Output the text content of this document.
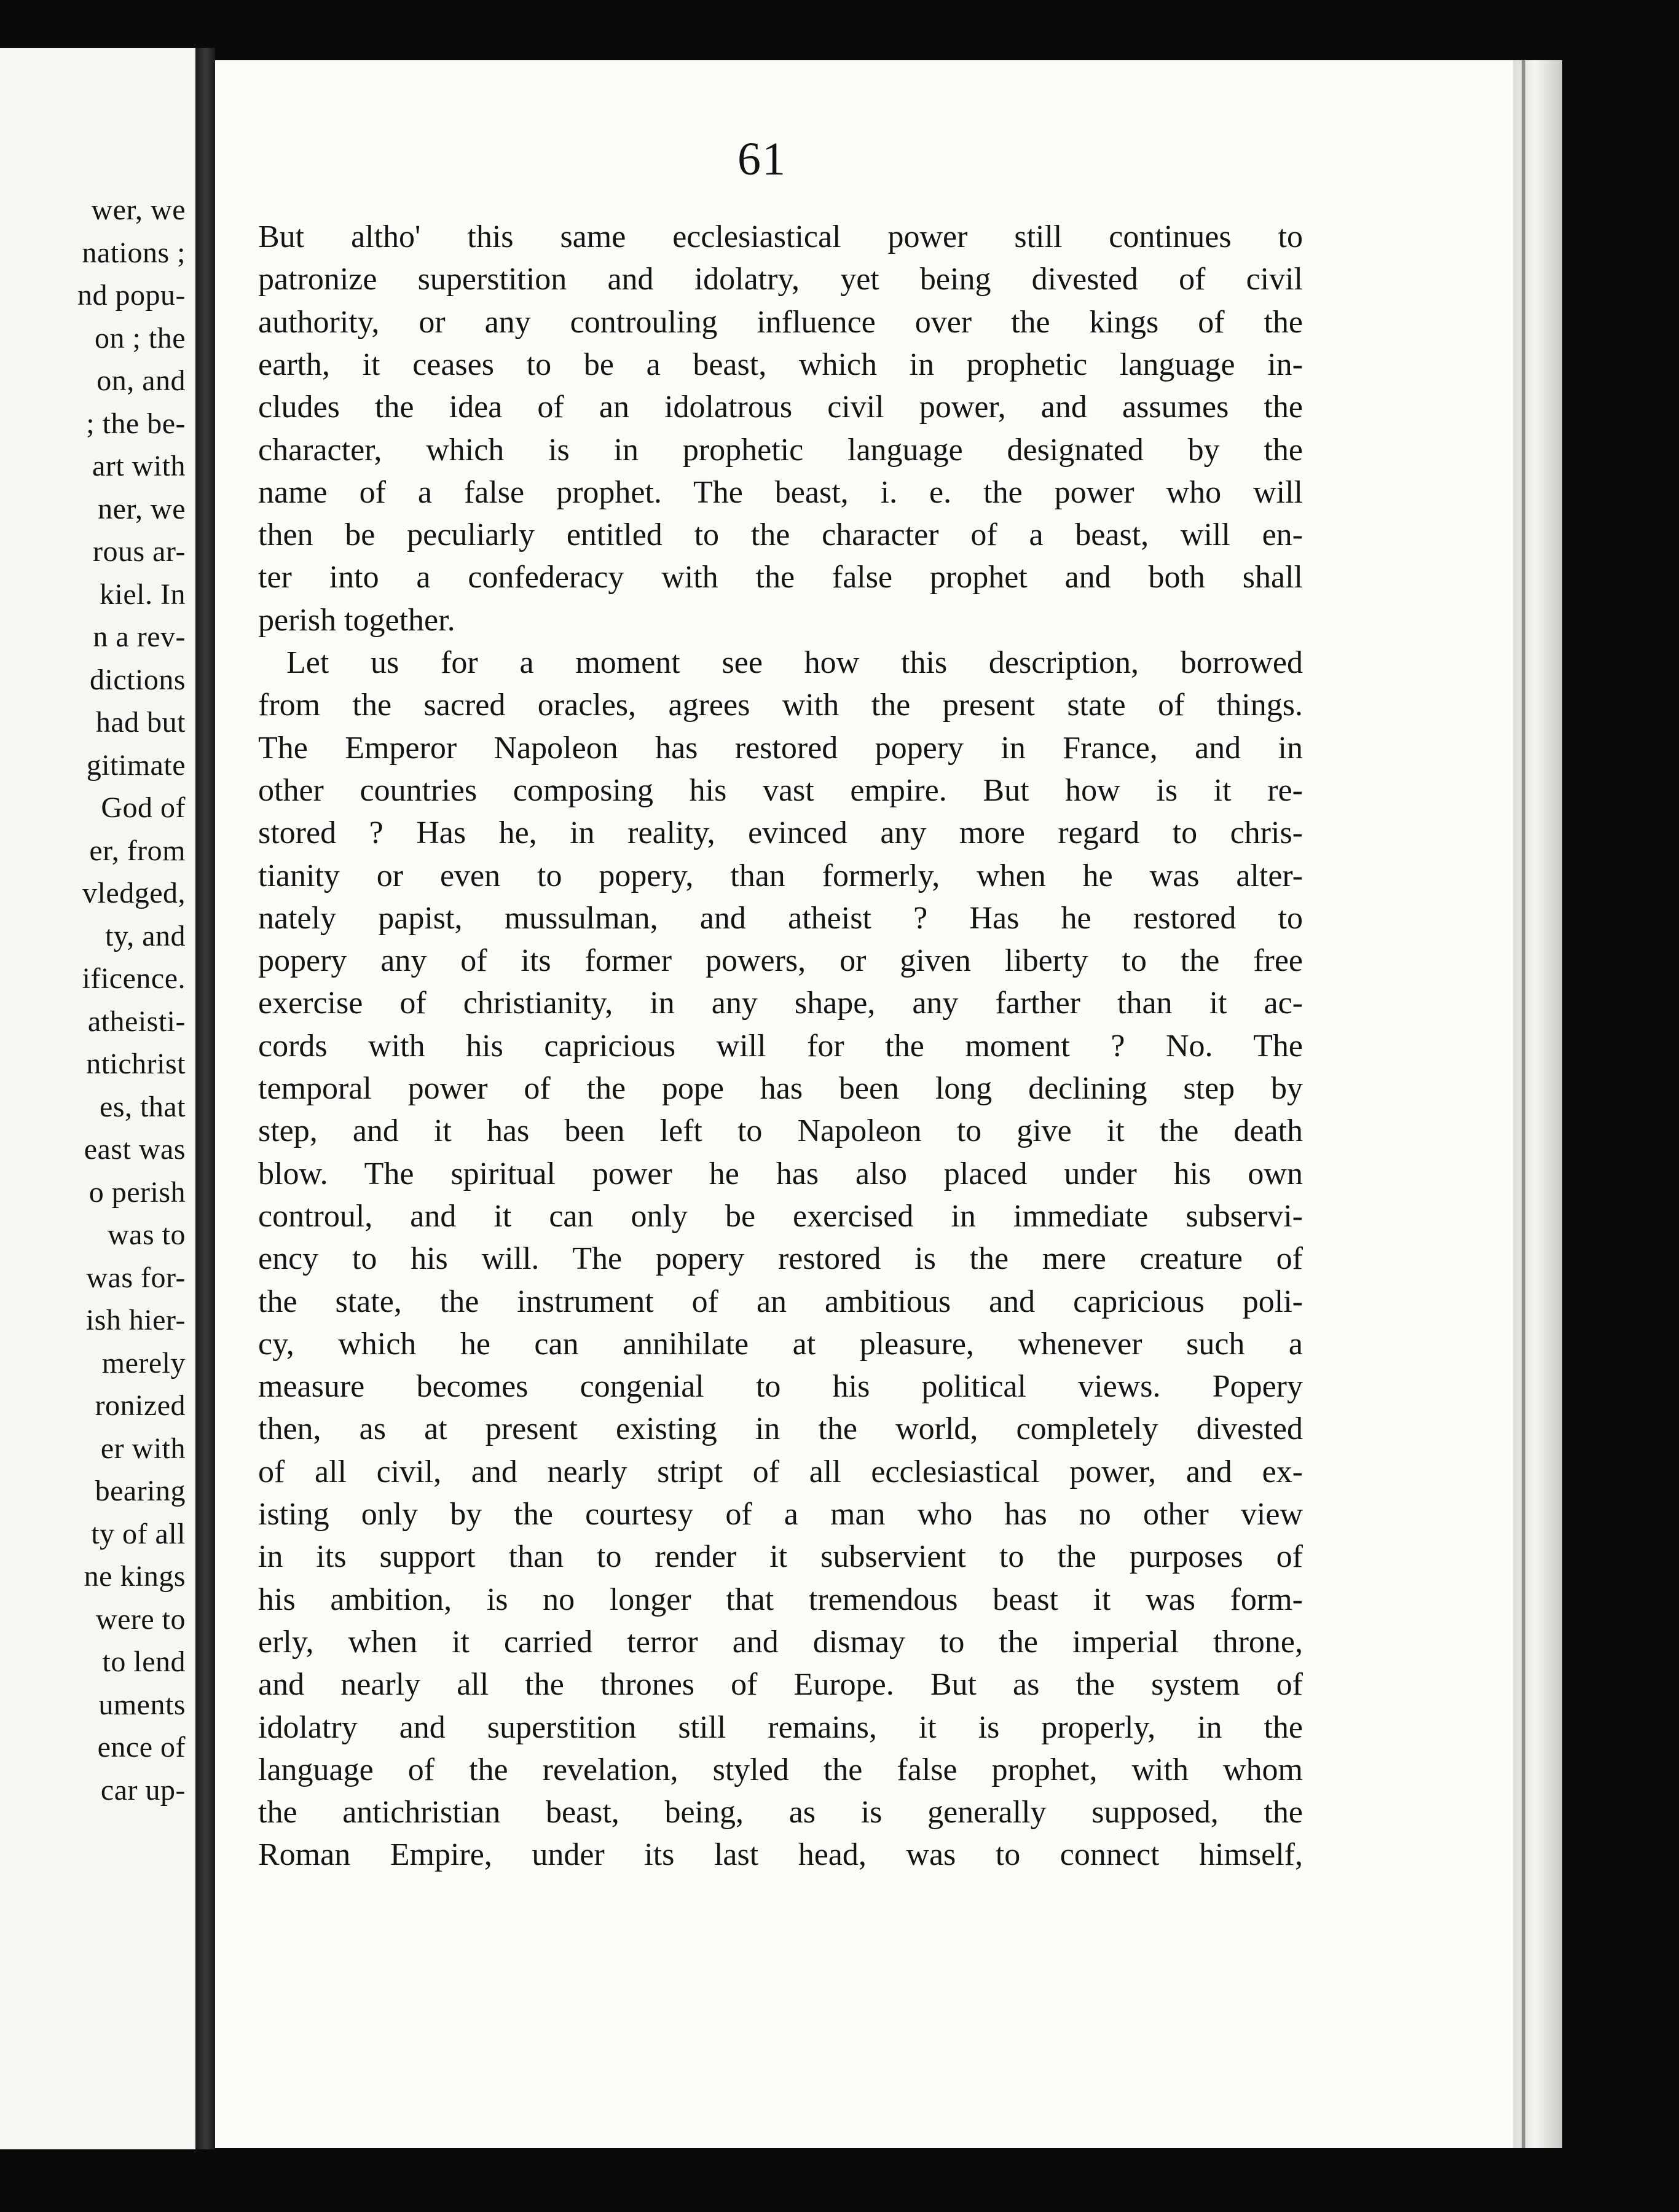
wer, we
nations ;
nd popu-
on ; the
on, and
; the be-
art with
ner, we
rous ar-
kiel. In
n a rev-
dictions
had but
gitimate
God of
er, from
vledged,
ty, and
ificence.
atheisti-
ntichrist
es, that
east was
o perish
was to
was for-
ish hier-
merely
ronized
er with
bearing
ty of all
ne kings
were to
to lend
uments
ence of
car up-
61
But altho' this same ecclesiastical power still continues to
patronize superstition and idolatry, yet being divested of civil
authority, or any controuling influence over the kings of the
earth, it ceases to be a beast, which in prophetic language in-
cludes the idea of an idolatrous civil power, and assumes the
character, which is in prophetic language designated by the
name of a false prophet. The beast, i. e. the power who will
then be peculiarly entitled to the character of a beast, will en-
ter into a confederacy with the false prophet and both shall
perish together.
Let us for a moment see how this description, borrowed
from the sacred oracles, agrees with the present state of things.
The Emperor Napoleon has restored popery in France, and in
other countries composing his vast empire. But how is it re-
stored ? Has he, in reality, evinced any more regard to chris-
tianity or even to popery, than formerly, when he was alter-
nately papist, mussulman, and atheist ? Has he restored to
popery any of its former powers, or given liberty to the free
exercise of christianity, in any shape, any farther than it ac-
cords with his capricious will for the moment ? No. The
temporal power of the pope has been long declining step by
step, and it has been left to Napoleon to give it the death
blow. The spiritual power he has also placed under his own
controul, and it can only be exercised in immediate subservi-
ency to his will. The popery restored is the mere creature of
the state, the instrument of an ambitious and capricious poli-
cy, which he can annihilate at pleasure, whenever such a
measure becomes congenial to his political views. Popery
then, as at present existing in the world, completely divested
of all civil, and nearly stript of all ecclesiastical power, and ex-
isting only by the courtesy of a man who has no other view
in its support than to render it subservient to the purposes of
his ambition, is no longer that tremendous beast it was form-
erly, when it carried terror and dismay to the imperial throne,
and nearly all the thrones of Europe. But as the system of
idolatry and superstition still remains, it is properly, in the
language of the revelation, styled the false prophet, with whom
the antichristian beast, being, as is generally supposed, the
Roman Empire, under its last head, was to connect himself,
